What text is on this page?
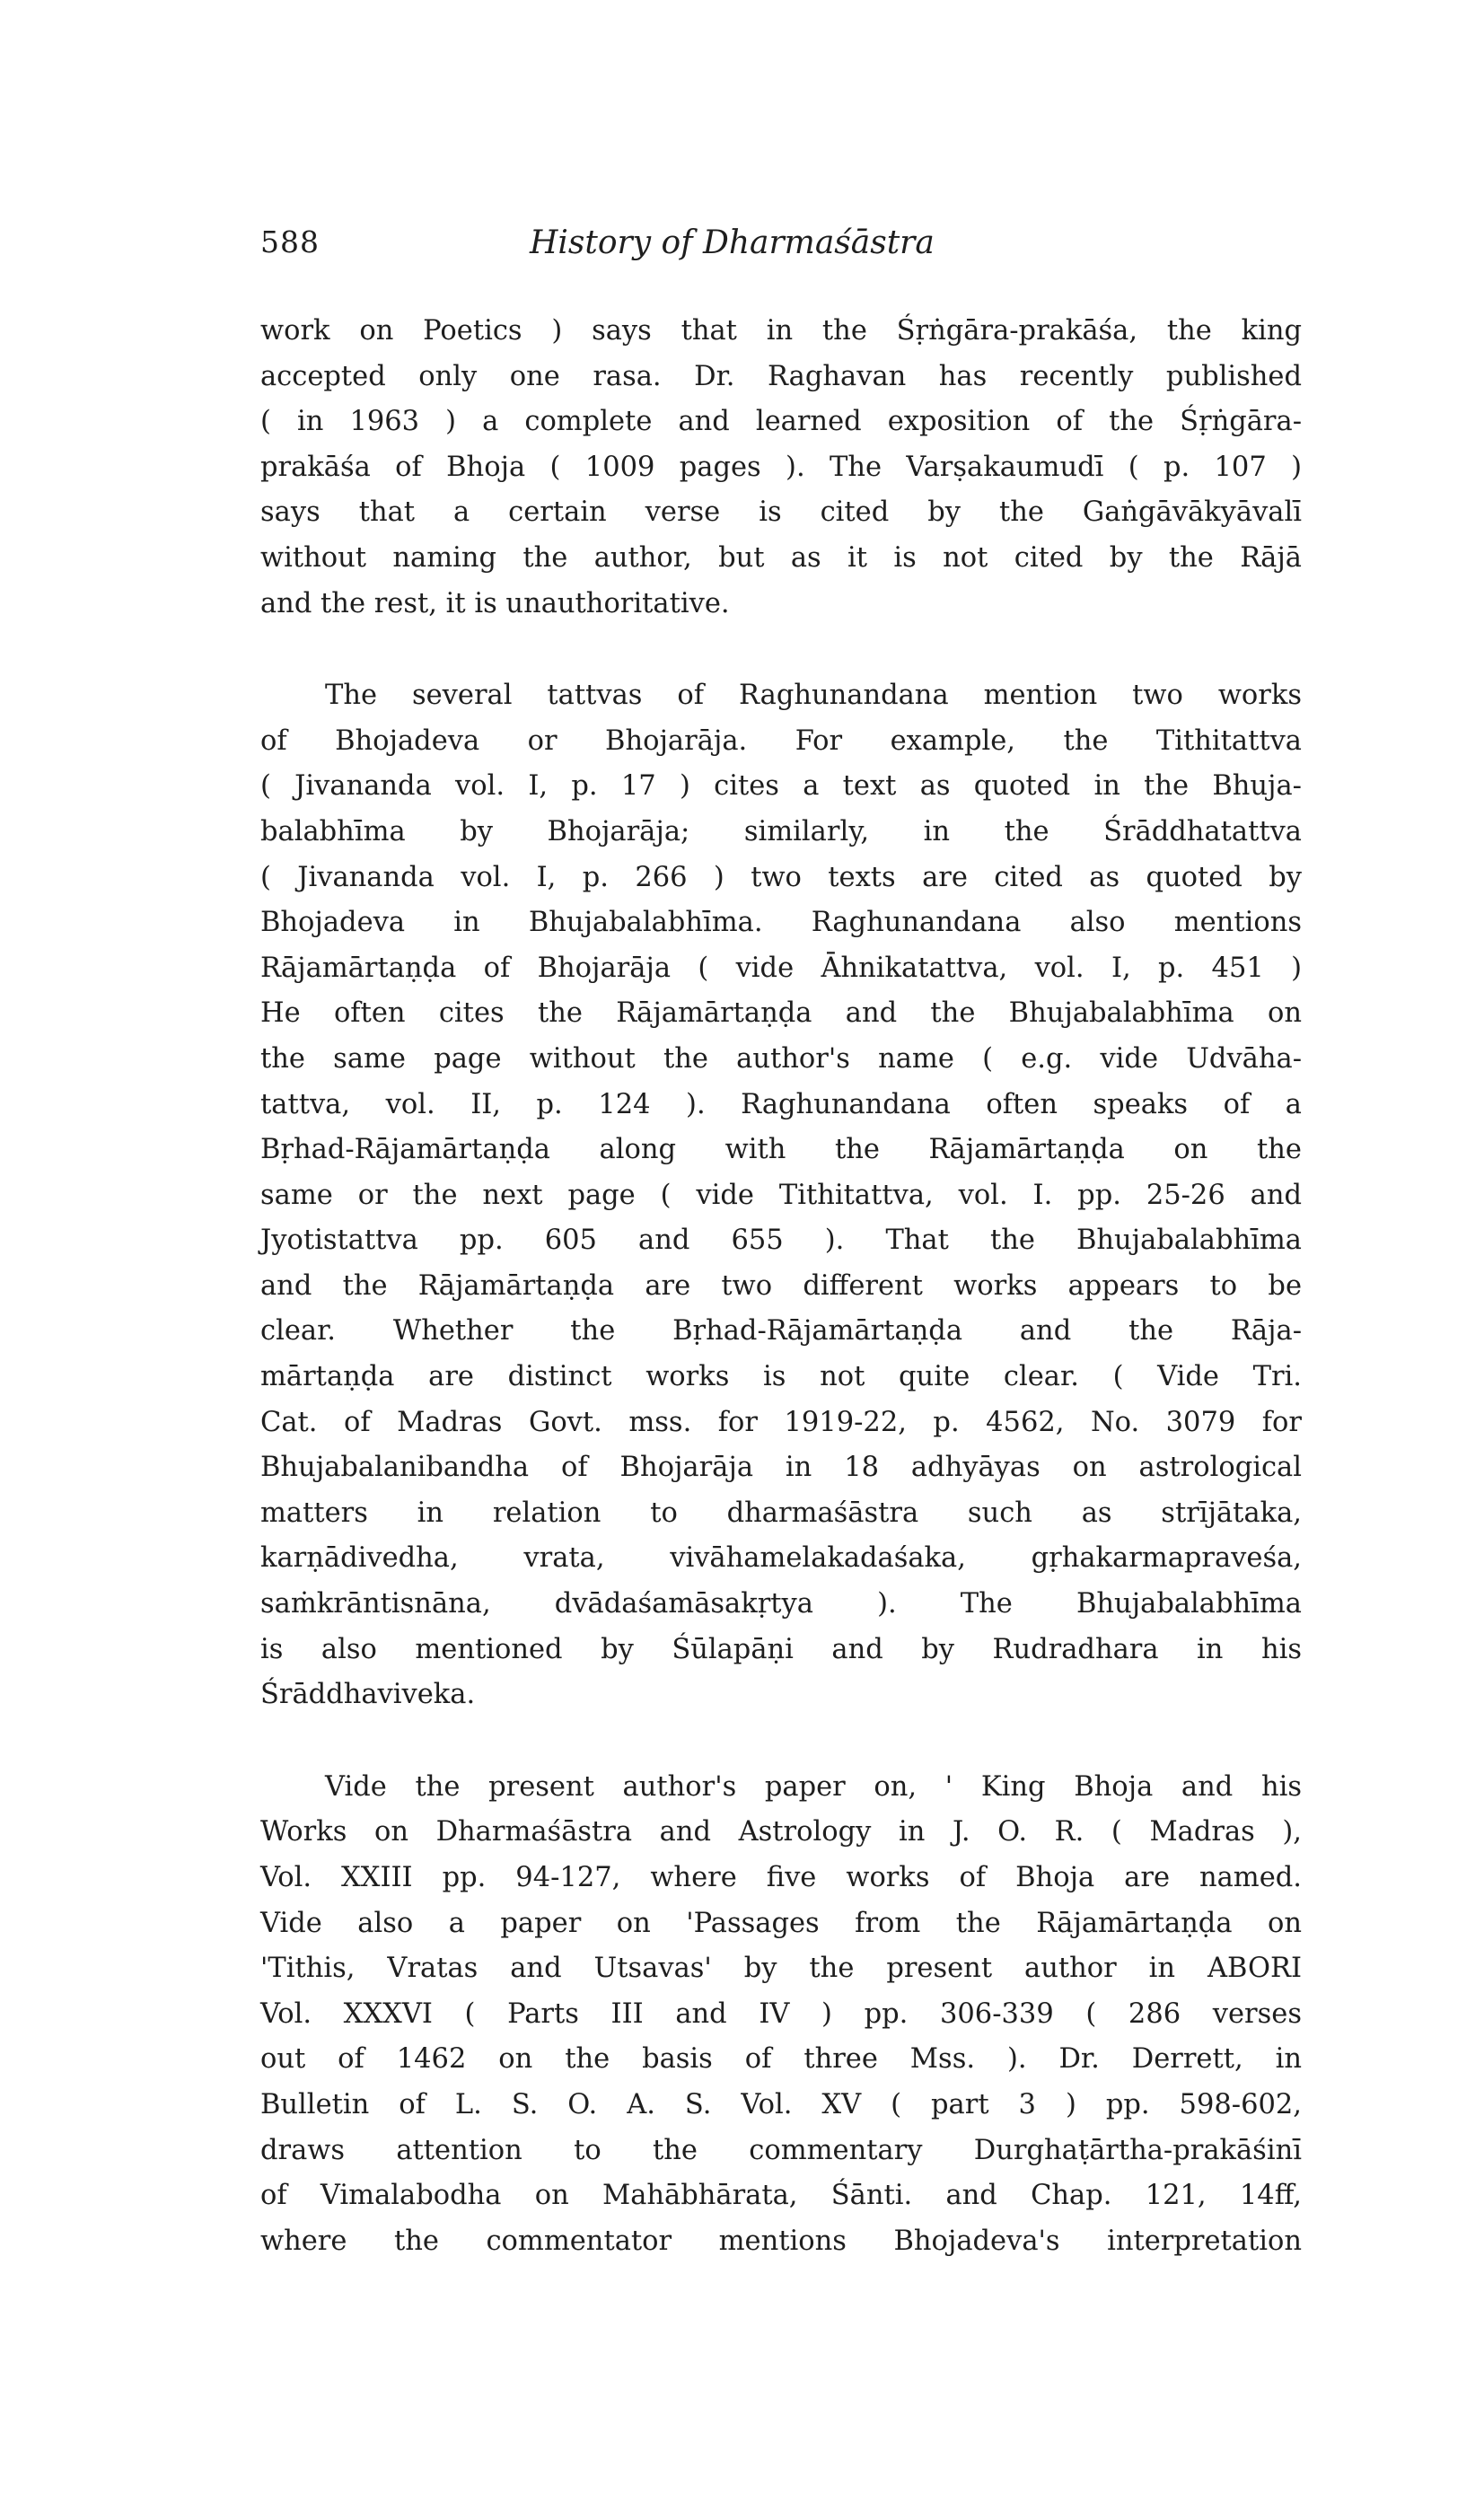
588	History of Dharmaśāstra
work on Poetics ) says that in the Śṛṅgāra-prakāśa, the king
accepted only one rasa. Dr. Raghavan has recently published
( in 1963 ) a complete and learned exposition of the Śṛṅgāra-
prakāśa of Bhoja ( 1009 pages ). The Varṣakaumudī ( p. 107 )
says that a certain verse is cited by the Gaṅgāvākyāvalī
without naming the author, but as it is not cited by the Rājā
and the rest, it is unauthoritative.
The several tattvas of Raghunandana mention two works
of Bhojadeva or Bhojarāja. For example, the Tithitattva
( Jivananda vol. I, p. 17 ) cites a text as quoted in the Bhuja-
balabhīma by Bhojarāja; similarly, in the Śrāddhatattva
( Jivananda vol. I, p. 266 ) two texts are cited as quoted by
Bhojadeva in Bhujabalabhīma. Raghunandana also mentions
Rājamārtaṇḍa of Bhojarāja ( vide Āhnikatattva, vol. I, p. 451 )
He often cites the Rājamārtaṇḍa and the Bhujabalabhīma on
the same page without the author's name ( e.g. vide Udvāha-
tattva, vol. II, p. 124 ). Raghunandana often speaks of a
Bṛhad-Rājamārtaṇḍa along with the Rājamārtaṇḍa on the
same or the next page ( vide Tithitattva, vol. I. pp. 25-26 and
Jyotistattva pp. 605 and 655 ). That the Bhujabalabhīma
and the Rājamārtaṇḍa are two different works appears to be
clear. Whether the Bṛhad-Rājamārtaṇḍa and the Rāja-
mārtaṇḍa are distinct works is not quite clear. ( Vide Tri.
Cat. of Madras Govt. mss. for 1919-22, p. 4562, No. 3079 for
Bhujabalanibandha of Bhojarāja in 18 adhyāyas on astrological
matters in relation to dharmaśāstra such as strījātaka,
karṇādivedha, vrata, vivāhamelakadaśaka, gṛhakarmapraveśa,
saṁkrāntisnāna, dvādaśamāsakṛtya ). The Bhujabalabhīma
is also mentioned by Śūlapāṇi and by Rudradhara in his
Śrāddhaviveka.
Vide the present author's paper on, ' King Bhoja and his
Works on Dharmaśāstra and Astrology in J. O. R. ( Madras ),
Vol. XXIII pp. 94-127, where five works of Bhoja are named.
Vide also a paper on 'Passages from the Rājamārtaṇḍa on
'Tithis, Vratas and Utsavas' by the present author in ABORI
Vol. XXXVI ( Parts III and IV ) pp. 306-339 ( 286 verses
out of 1462 on the basis of three Mss. ). Dr. Derrett, in
Bulletin of L. S. O. A. S. Vol. XV ( part 3 ) pp. 598-602,
draws attention to the commentary Durghaṭārtha-prakāśinī
of Vimalabodha on Mahābhārata, Śānti. and Chap. 121, 14ff,
where the commentator mentions Bhojadeva's interpretation
